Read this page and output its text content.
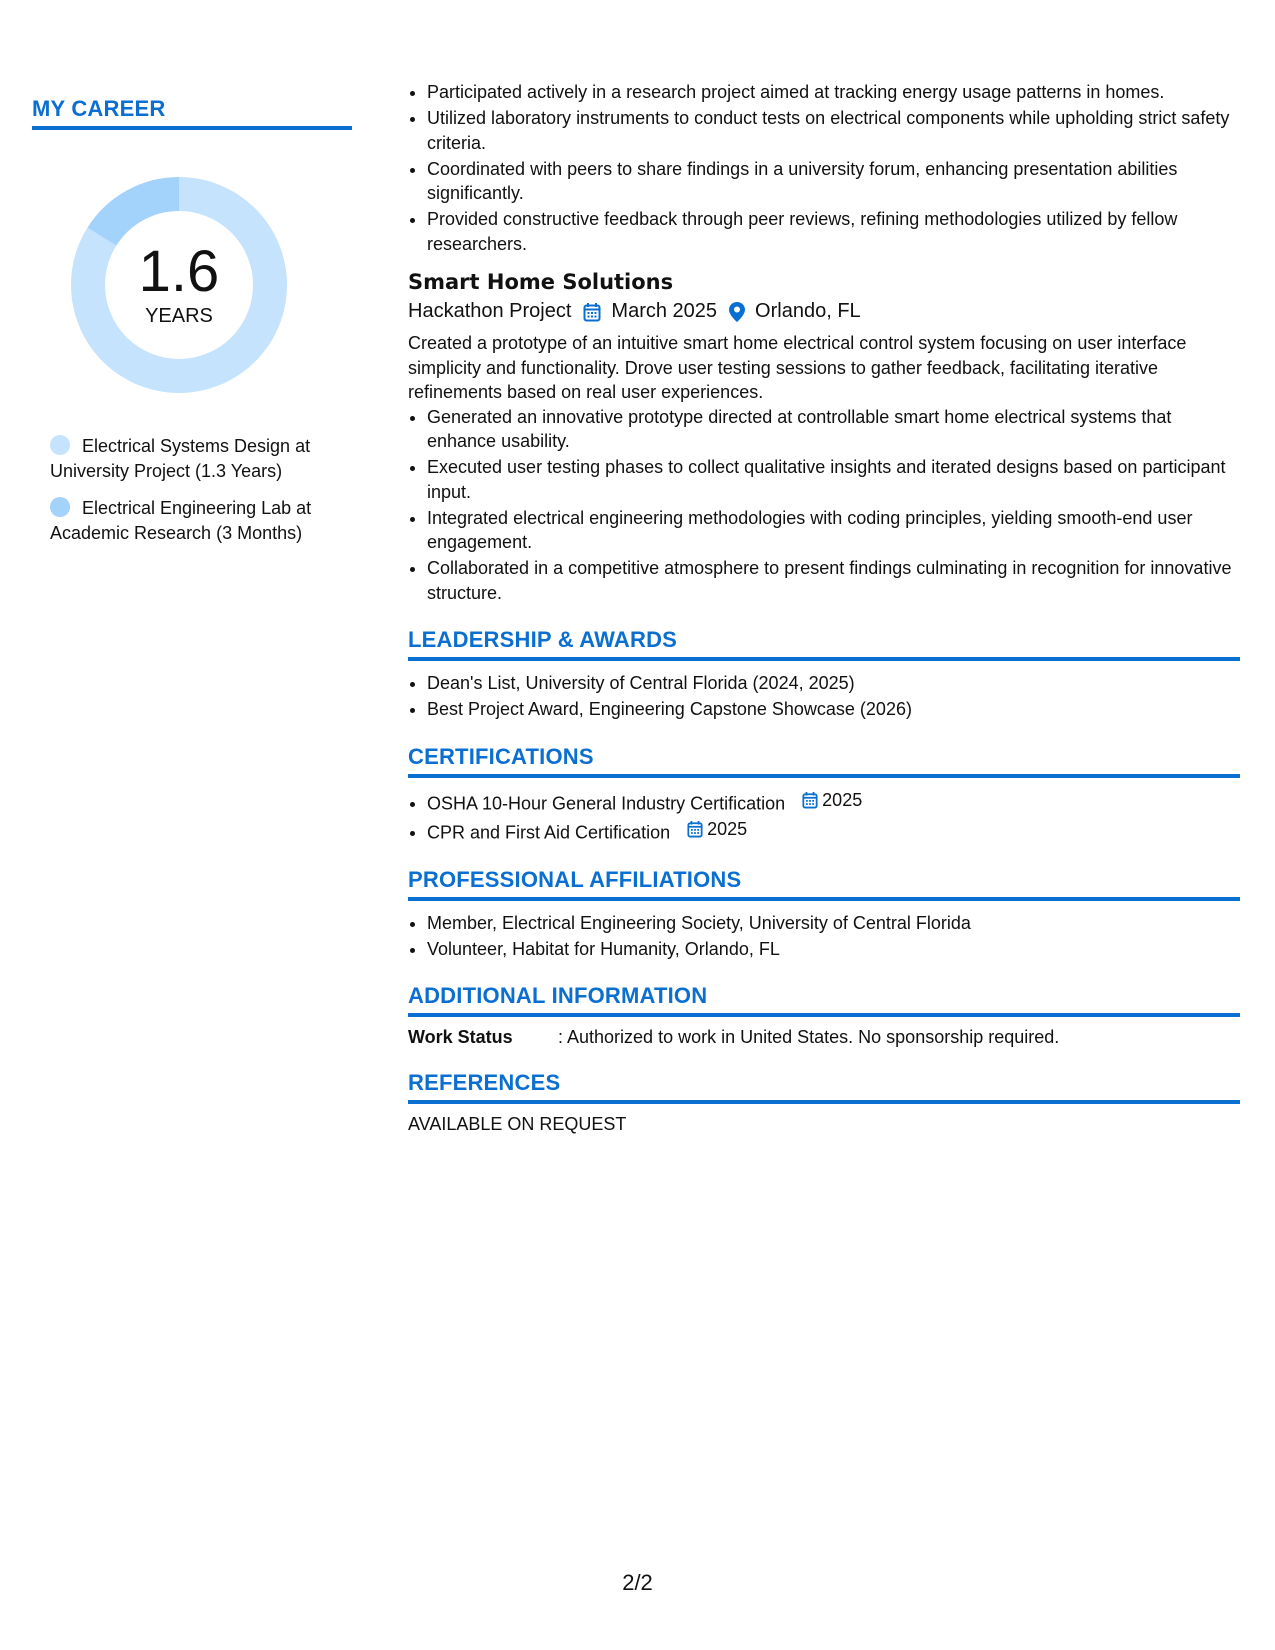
MY CAREER
1.6
YEARS
Electrical Systems Design at University Project (1.3 Years)
Electrical Engineering Lab at Academic Research (3 Months)
• Participated actively in a research project aimed at tracking energy usage patterns in homes.
• Utilized laboratory instruments to conduct tests on electrical components while upholding strict safety criteria.
• Coordinated with peers to share findings in a university forum, enhancing presentation abilities significantly.
• Provided constructive feedback through peer reviews, refining methodologies utilized by fellow researchers.
Smart Home Solutions
Hackathon Project March 2025 Orlando, FL
Created a prototype of an intuitive smart home electrical control system focusing on user interface simplicity and functionality. Drove user testing sessions to gather feedback, facilitating iterative refinements based on real user experiences.
• Generated an innovative prototype directed at controllable smart home electrical systems that enhance usability.
• Executed user testing phases to collect qualitative insights and iterated designs based on participant input.
• Integrated electrical engineering methodologies with coding principles, yielding smooth-end user engagement.
• Collaborated in a competitive atmosphere to present findings culminating in recognition for innovative structure.
LEADERSHIP & AWARDS
• Dean's List, University of Central Florida (2024, 2025)
• Best Project Award, Engineering Capstone Showcase (2026)
CERTIFICATIONS
• OSHA 10-Hour General Industry Certification 2025
• CPR and First Aid Certification 2025
PROFESSIONAL AFFILIATIONS
• Member, Electrical Engineering Society, University of Central Florida
• Volunteer, Habitat for Humanity, Orlando, FL
ADDITIONAL INFORMATION
Work Status	: Authorized to work in United States. No sponsorship required.
REFERENCES
AVAILABLE ON REQUEST
2/2
